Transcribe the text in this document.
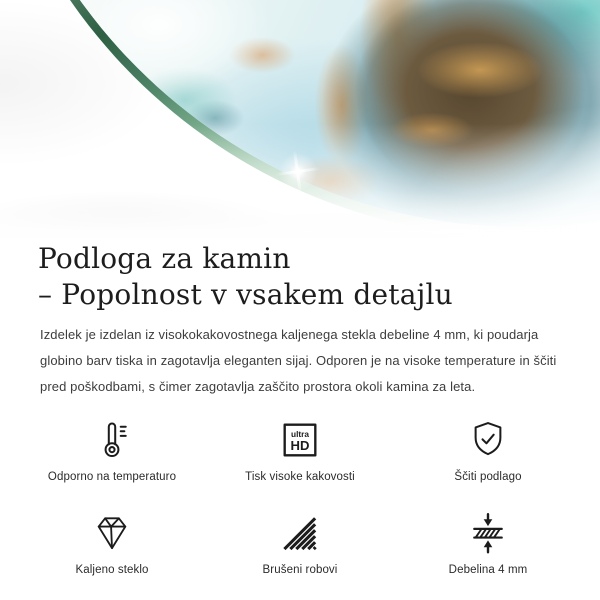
Podloga za kamin
– Popolnost v vsakem detajlu

Izdelek je izdelan iz visokokakovostnega kaljenega stekla debeline 4 mm, ki poudarja globino barv tiska in zagotavlja eleganten sijaj. Odporen je na visoke temperature in ščiti pred poškodbami, s čimer zagotavlja zaščito prostora okoli kamina za leta.

Odporno na temperaturo
ultra
HD
Tisk visoke kakovosti	Ščiti podlago
Kaljeno steklo	Brušeni robovi	Debelina 4 mm
